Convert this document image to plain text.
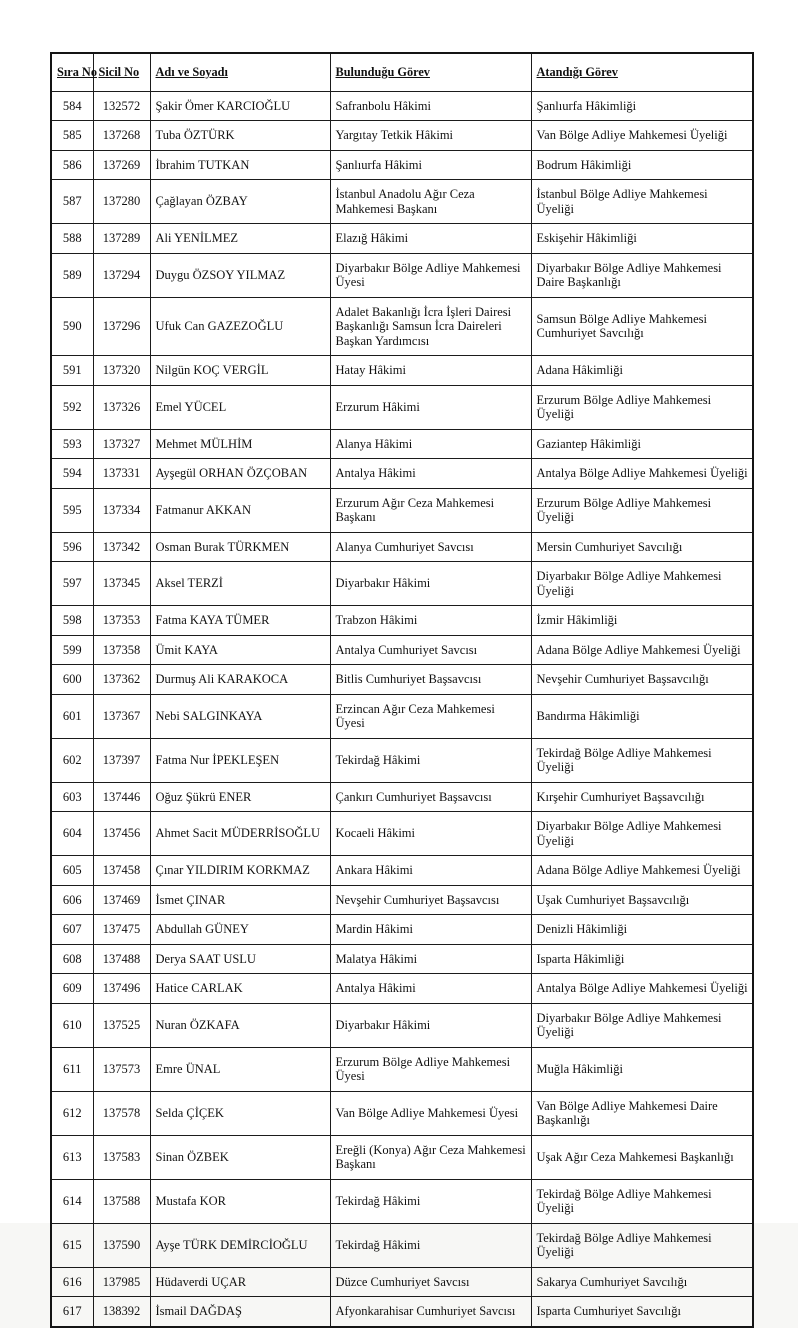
Sıra No	Sicil No	Adı ve Soyadı	Bulunduğu Görev	Atandığı Görev
584	132572	Şakir Ömer KARCIOĞLU	Safranbolu Hâkimi	Şanlıurfa Hâkimliği
585	137268	Tuba ÖZTÜRK	Yargıtay Tetkik Hâkimi	Van Bölge Adliye Mahkemesi Üyeliği
586	137269	İbrahim TUTKAN	Şanlıurfa Hâkimi	Bodrum Hâkimliği
587	137280	Çağlayan ÖZBAY	İstanbul Anadolu Ağır Ceza Mahkemesi Başkanı	İstanbul Bölge Adliye Mahkemesi Üyeliği
588	137289	Ali YENİLMEZ	Elazığ Hâkimi	Eskişehir Hâkimliği
589	137294	Duygu ÖZSOY YILMAZ	Diyarbakır Bölge Adliye Mahkemesi Üyesi	Diyarbakır Bölge Adliye Mahkemesi Daire Başkanlığı
590	137296	Ufuk Can GAZEZOĞLU	Adalet Bakanlığı İcra İşleri Dairesi Başkanlığı Samsun İcra Daireleri Başkan Yardımcısı	Samsun Bölge Adliye Mahkemesi Cumhuriyet Savcılığı
591	137320	Nilgün KOÇ VERGİL	Hatay Hâkimi	Adana Hâkimliği
592	137326	Emel YÜCEL	Erzurum Hâkimi	Erzurum Bölge Adliye Mahkemesi Üyeliği
593	137327	Mehmet MÜLHİM	Alanya Hâkimi	Gaziantep Hâkimliği
594	137331	Ayşegül ORHAN ÖZÇOBAN	Antalya Hâkimi	Antalya Bölge Adliye Mahkemesi Üyeliği
595	137334	Fatmanur AKKAN	Erzurum Ağır Ceza Mahkemesi Başkanı	Erzurum Bölge Adliye Mahkemesi Üyeliği
596	137342	Osman Burak TÜRKMEN	Alanya Cumhuriyet Savcısı	Mersin Cumhuriyet Savcılığı
597	137345	Aksel TERZİ	Diyarbakır Hâkimi	Diyarbakır Bölge Adliye Mahkemesi Üyeliği
598	137353	Fatma KAYA TÜMER	Trabzon Hâkimi	İzmir Hâkimliği
599	137358	Ümit KAYA	Antalya Cumhuriyet Savcısı	Adana Bölge Adliye Mahkemesi Üyeliği
600	137362	Durmuş Ali KARAKOCA	Bitlis Cumhuriyet Başsavcısı	Nevşehir Cumhuriyet Başsavcılığı
601	137367	Nebi SALGINKAYA	Erzincan Ağır Ceza Mahkemesi Üyesi	Bandırma Hâkimliği
602	137397	Fatma Nur İPEKLEŞEN	Tekirdağ Hâkimi	Tekirdağ Bölge Adliye Mahkemesi Üyeliği
603	137446	Oğuz Şükrü ENER	Çankırı Cumhuriyet Başsavcısı	Kırşehir Cumhuriyet Başsavcılığı
604	137456	Ahmet Sacit MÜDERRİSOĞLU	Kocaeli Hâkimi	Diyarbakır Bölge Adliye Mahkemesi Üyeliği
605	137458	Çınar YILDIRIM KORKMAZ	Ankara Hâkimi	Adana Bölge Adliye Mahkemesi Üyeliği
606	137469	İsmet ÇINAR	Nevşehir Cumhuriyet Başsavcısı	Uşak Cumhuriyet Başsavcılığı
607	137475	Abdullah GÜNEY	Mardin Hâkimi	Denizli Hâkimliği
608	137488	Derya SAAT USLU	Malatya Hâkimi	Isparta Hâkimliği
609	137496	Hatice CARLAK	Antalya Hâkimi	Antalya Bölge Adliye Mahkemesi Üyeliği
610	137525	Nuran ÖZKAFA	Diyarbakır Hâkimi	Diyarbakır Bölge Adliye Mahkemesi Üyeliği
611	137573	Emre ÜNAL	Erzurum Bölge Adliye Mahkemesi Üyesi	Muğla Hâkimliği
612	137578	Selda ÇİÇEK	Van Bölge Adliye Mahkemesi Üyesi	Van Bölge Adliye Mahkemesi Daire Başkanlığı
613	137583	Sinan ÖZBEK	Ereğli (Konya) Ağır Ceza Mahkemesi Başkanı	Uşak Ağır Ceza Mahkemesi Başkanlığı
614	137588	Mustafa KOR	Tekirdağ Hâkimi	Tekirdağ Bölge Adliye Mahkemesi Üyeliği
615	137590	Ayşe TÜRK DEMİRCİOĞLU	Tekirdağ Hâkimi	Tekirdağ Bölge Adliye Mahkemesi Üyeliği
616	137985	Hüdaverdi UÇAR	Düzce Cumhuriyet Savcısı	Sakarya Cumhuriyet Savcılığı
617	138392	İsmail DAĞDAŞ	Afyonkarahisar Cumhuriyet Savcısı	Isparta Cumhuriyet Savcılığı
